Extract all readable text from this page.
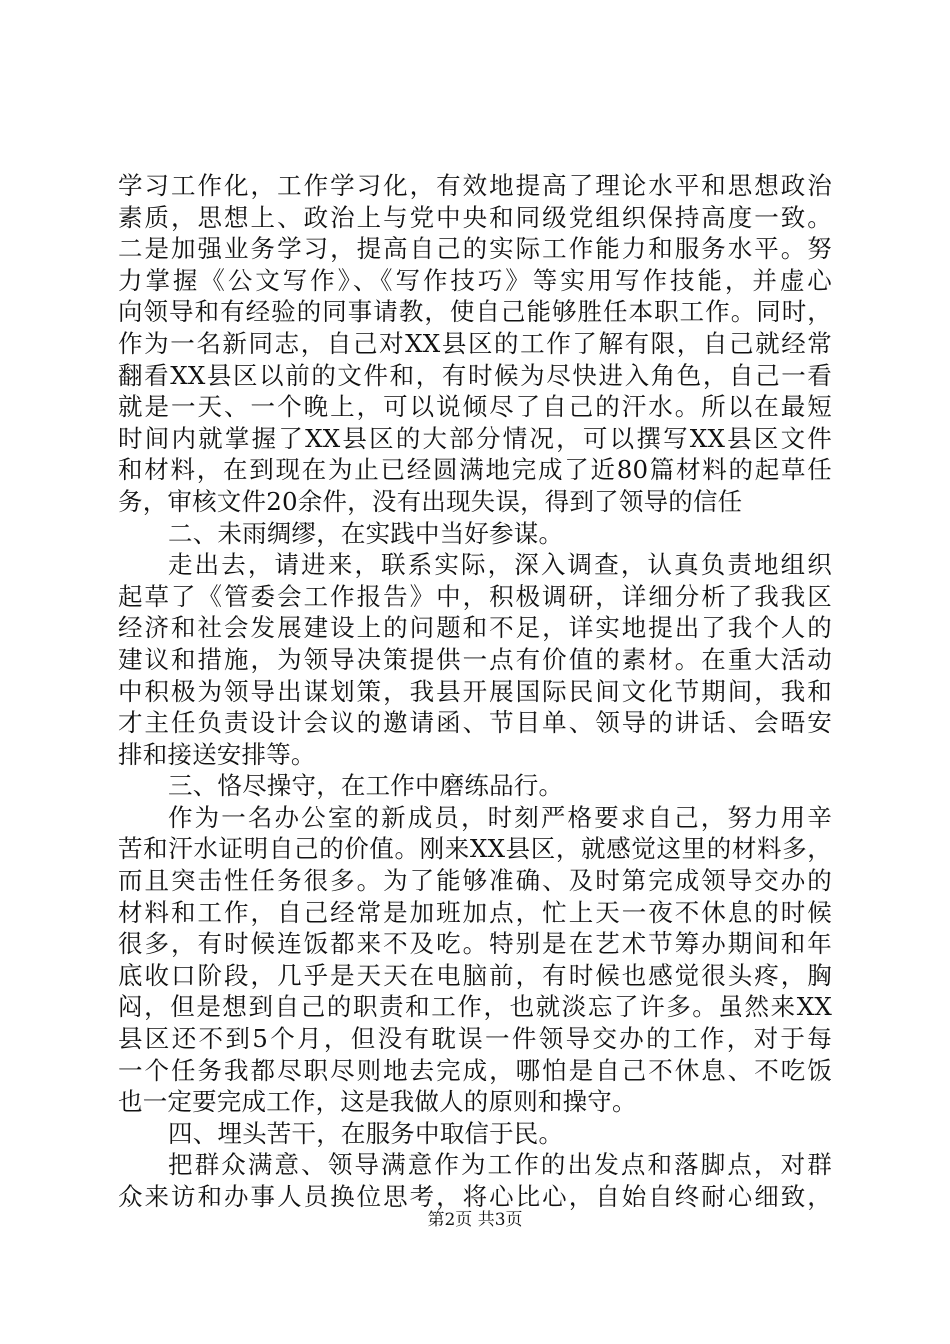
学习工作化，工作学习化，有效地提高了理论水平和思想政治
素质，思想上、政治上与党中央和同级党组织保持高度一致。
二是加强业务学习，提高自己的实际工作能力和服务水平。努
力掌握《公文写作》、《写作技巧》等实用写作技能，并虚心
向领导和有经验的同事请教，使自己能够胜任本职工作。同时，
作为一名新同志，自己对XX县区的工作了解有限，自己就经常
翻看XX县区以前的文件和，有时候为尽快进入角色，自己一看
就是一天、一个晚上，可以说倾尽了自己的汗水。所以在最短
时间内就掌握了XX县区的大部分情况，可以撰写XX县区文件
和材料，在到现在为止已经圆满地完成了近80篇材料的起草任
务，审核文件20余件，没有出现失误，得到了领导的信任
二、未雨绸缪，在实践中当好参谋。
走出去，请进来，联系实际，深入调查，认真负责地组织
起草了《管委会工作报告》中，积极调研，详细分析了我我区
经济和社会发展建设上的问题和不足，详实地提出了我个人的
建议和措施，为领导决策提供一点有价值的素材。在重大活动
中积极为领导出谋划策，我县开展国际民间文化节期间，我和
才主任负责设计会议的邀请函、节目单、领导的讲话、会晤安
排和接送安排等。
三、恪尽操守，在工作中磨练品行。
作为一名办公室的新成员，时刻严格要求自己，努力用辛
苦和汗水证明自己的价值。刚来XX县区，就感觉这里的材料多，
而且突击性任务很多。为了能够准确、及时第完成领导交办的
材料和工作，自己经常是加班加点，忙上天一夜不休息的时候
很多，有时候连饭都来不及吃。特别是在艺术节筹办期间和年
底收口阶段，几乎是天天在电脑前，有时候也感觉很头疼，胸
闷，但是想到自己的职责和工作，也就淡忘了许多。虽然来XX
县区还不到5个月，但没有耽误一件领导交办的工作，对于每
一个任务我都尽职尽则地去完成，哪怕是自己不休息、不吃饭
也一定要完成工作，这是我做人的原则和操守。
四、埋头苦干，在服务中取信于民。
把群众满意、领导满意作为工作的出发点和落脚点，对群
众来访和办事人员换位思考，将心比心，自始自终耐心细致，
第2页 共3页
